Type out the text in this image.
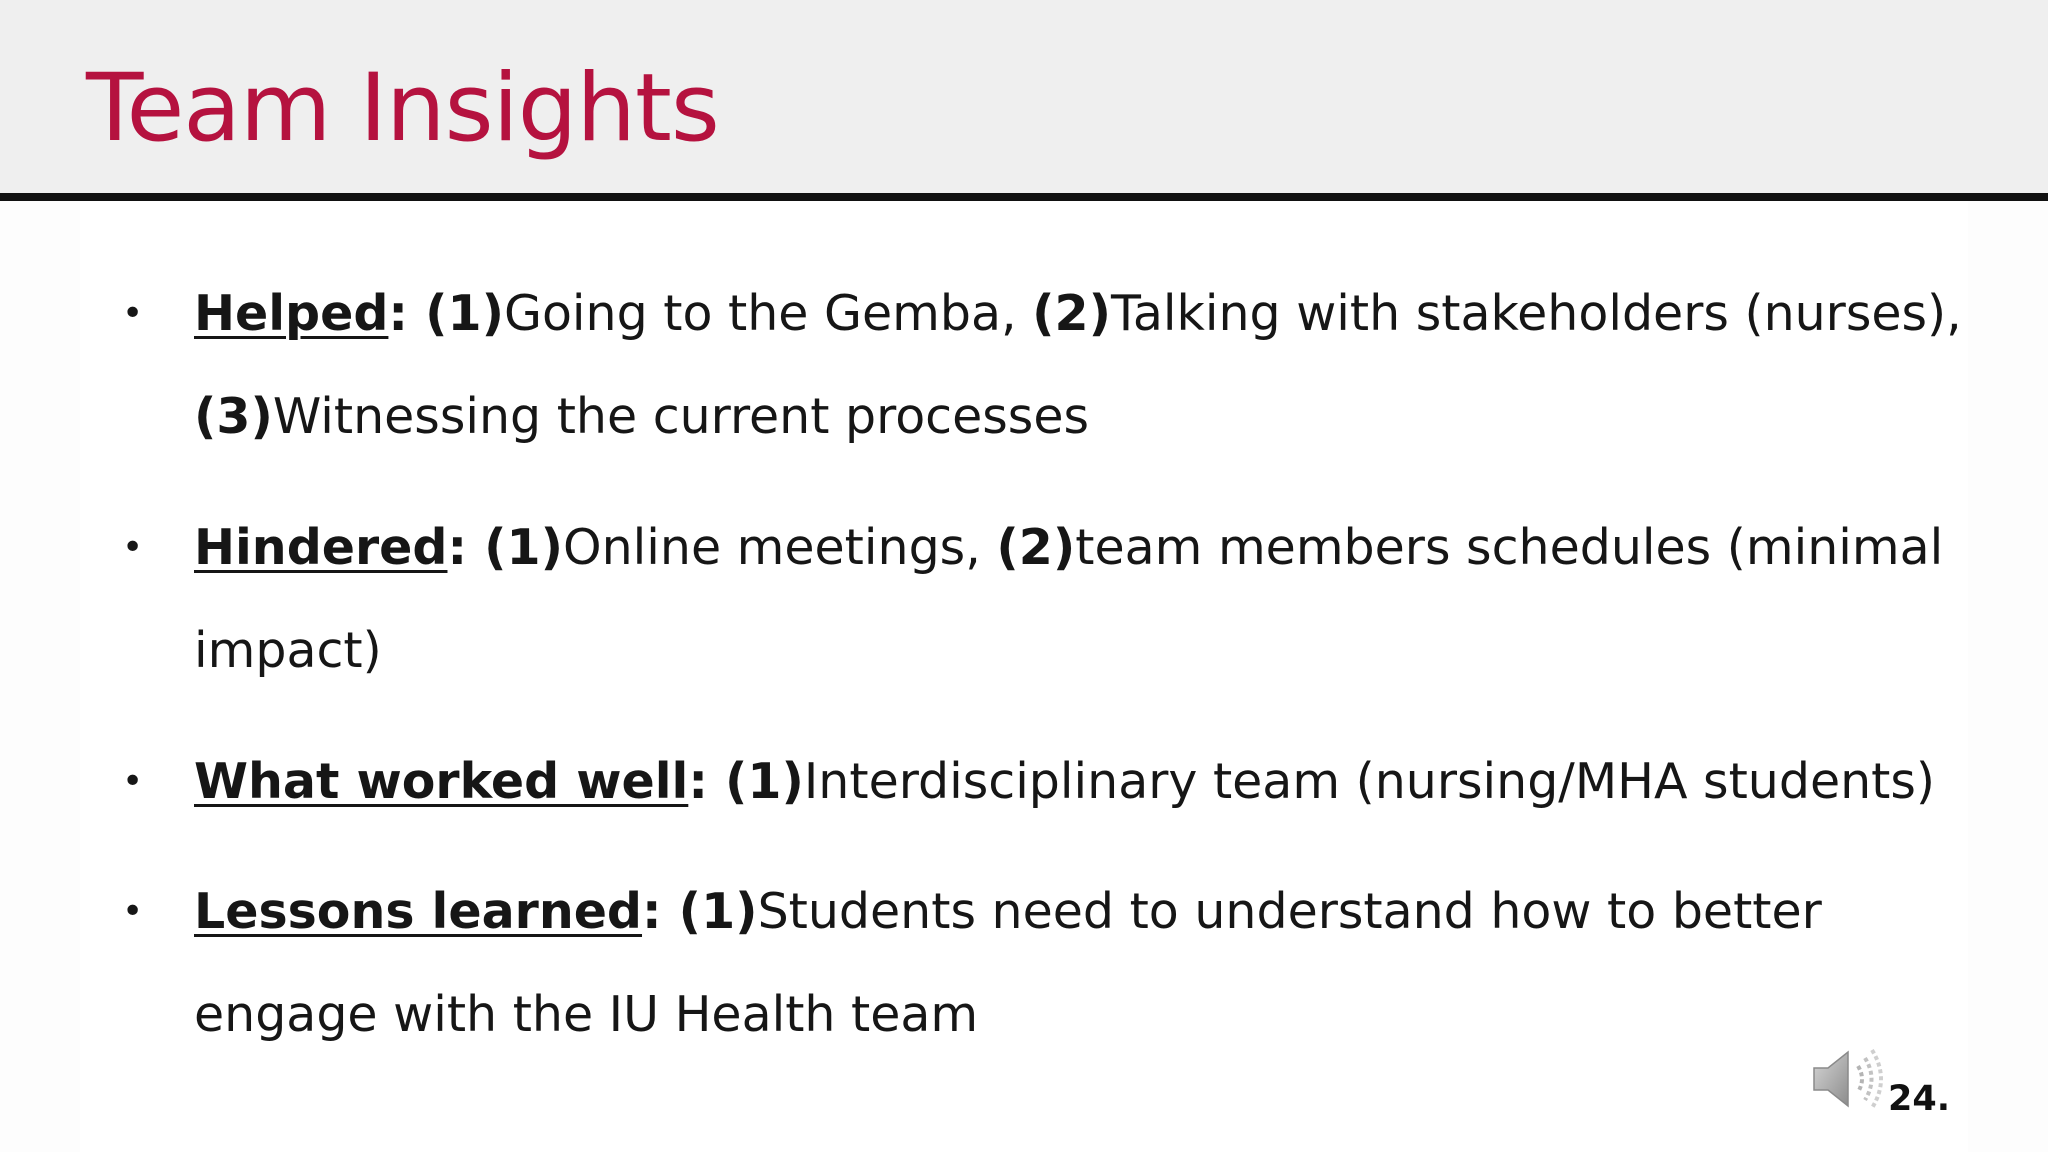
Team Insights
• Helped: (1)Going to the Gemba, (2)Talking with stakeholders (nurses),
(3)Witnessing the current processes
• Hindered: (1)Online meetings, (2)team members schedules (minimal
impact)
• What worked well: (1)Interdisciplinary team (nursing/MHA students)
• Lessons learned: (1)Students need to understand how to better
engage with the IU Health team
24.
